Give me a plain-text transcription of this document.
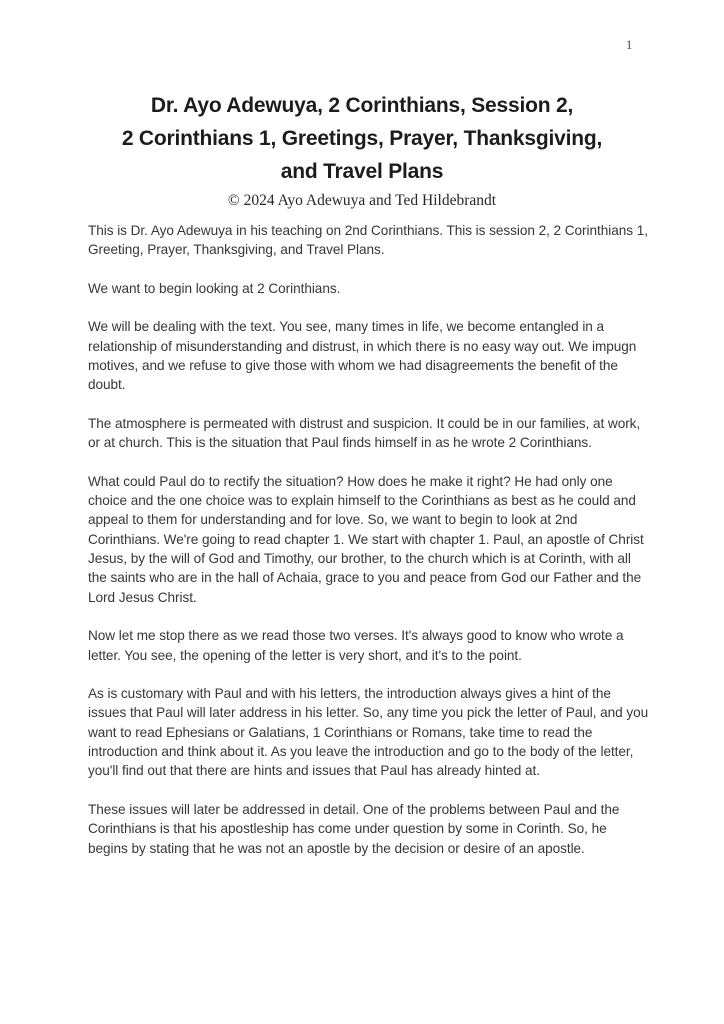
1
Dr. Ayo Adewuya, 2 Corinthians, Session 2,
2 Corinthians 1, Greetings, Prayer, Thanksgiving,
and Travel Plans
© 2024 Ayo Adewuya and Ted Hildebrandt

This is Dr. Ayo Adewuya in his teaching on 2nd Corinthians. This is session 2, 2 Corinthians 1, Greeting, Prayer, Thanksgiving, and Travel Plans.

We want to begin looking at 2 Corinthians.

We will be dealing with the text. You see, many times in life, we become entangled in a relationship of misunderstanding and distrust, in which there is no easy way out. We impugn motives, and we refuse to give those with whom we had disagreements the benefit of the doubt.

The atmosphere is permeated with distrust and suspicion. It could be in our families, at work, or at church. This is the situation that Paul finds himself in as he wrote 2 Corinthians.

What could Paul do to rectify the situation? How does he make it right? He had only one choice and the one choice was to explain himself to the Corinthians as best as he could and appeal to them for understanding and for love. So, we want to begin to look at 2nd Corinthians. We're going to read chapter 1. We start with chapter 1. Paul, an apostle of Christ Jesus, by the will of God and Timothy, our brother, to the church which is at Corinth, with all the saints who are in the hall of Achaia, grace to you and peace from God our Father and the Lord Jesus Christ.

Now let me stop there as we read those two verses. It's always good to know who wrote a letter. You see, the opening of the letter is very short, and it's to the point.

As is customary with Paul and with his letters, the introduction always gives a hint of the issues that Paul will later address in his letter. So, any time you pick the letter of Paul, and you want to read Ephesians or Galatians, 1 Corinthians or Romans, take time to read the introduction and think about it. As you leave the introduction and go to the body of the letter, you'll find out that there are hints and issues that Paul has already hinted at.

These issues will later be addressed in detail. One of the problems between Paul and the Corinthians is that his apostleship has come under question by some in Corinth. So, he begins by stating that he was not an apostle by the decision or desire of an apostle.
